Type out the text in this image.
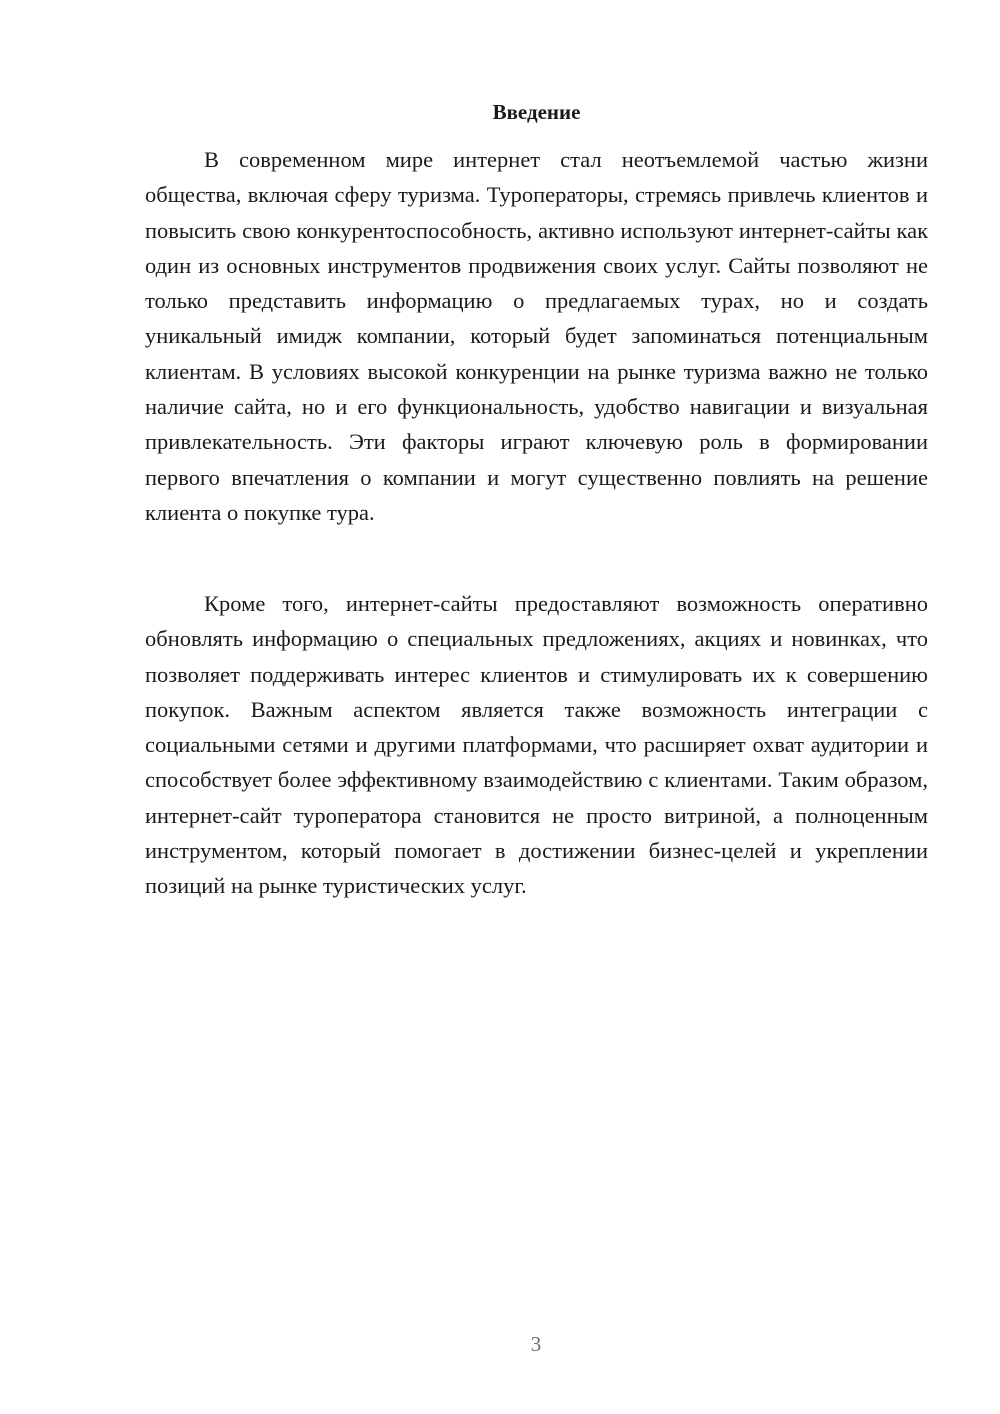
Введение

В современном мире интернет стал неотъемлемой частью жизни общества, включая сферу туризма. Туроператоры, стремясь привлечь клиентов и повысить свою конкурентоспособность, активно используют интернет-сайты как один из основных инструментов продвижения своих услуг. Сайты позволяют не только представить информацию о предлагаемых турах, но и создать уникальный имидж компании, который будет запоминаться потенциальным клиентам. В условиях высокой конкуренции на рынке туризма важно не только наличие сайта, но и его функциональность, удобство навигации и визуальная привлекательность. Эти факторы играют ключевую роль в формировании первого впечатления о компании и могут существенно повлиять на решение клиента о покупке тура.

Кроме того, интернет-сайты предоставляют возможность оперативно обновлять информацию о специальных предложениях, акциях и новинках, что позволяет поддерживать интерес клиентов и стимулировать их к совершению покупок. Важным аспектом является также возможность интеграции с социальными сетями и другими платформами, что расширяет охват аудитории и способствует более эффективному взаимодействию с клиентами. Таким образом, интернет-сайт туроператора становится не просто витриной, а полноценным инструментом, который помогает в достижении бизнес-целей и укреплении позиций на рынке туристических услуг.

3
